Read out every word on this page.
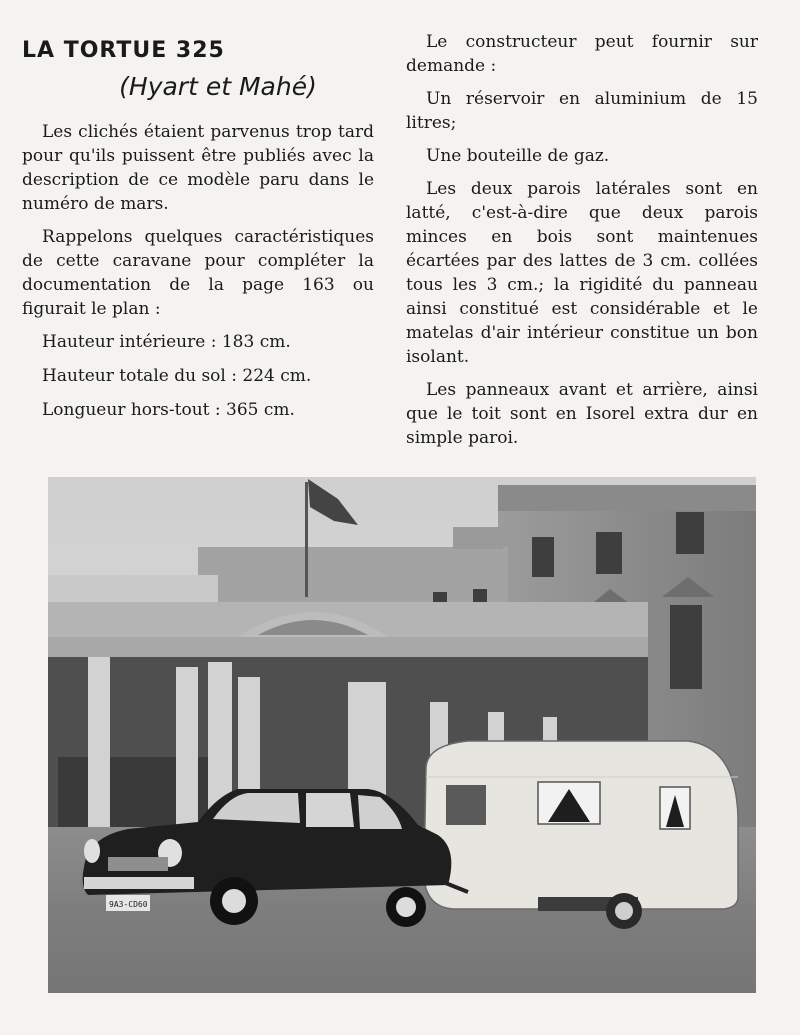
LA TORTUE 325
(Hyart et Mahé)

Les clichés étaient parvenus trop tard pour qu'ils puissent être publiés avec la description de ce modèle paru dans le numéro de mars.

Rappelons quelques caractéristiques de cette caravane pour compléter la documentation de la page 163 ou figurait le plan :

Hauteur intérieure : 183 cm.

Hauteur totale du sol : 224 cm.

Longueur hors-tout : 365 cm.

Le constructeur peut fournir sur demande :

Un réservoir en aluminium de 15 litres;

Une bouteille de gaz.

Les deux parois latérales sont en latté, c'est-à-dire que deux parois minces en bois sont maintenues écartées par des lattes de 3 cm. collées tous les 3 cm.; la rigidité du panneau ainsi constitué est considérable et le matelas d'air intérieur constitue un bon isolant.

Les panneaux avant et arrière, ainsi que le toit sont en Isorel extra dur en simple paroi.

9A3-CD60
